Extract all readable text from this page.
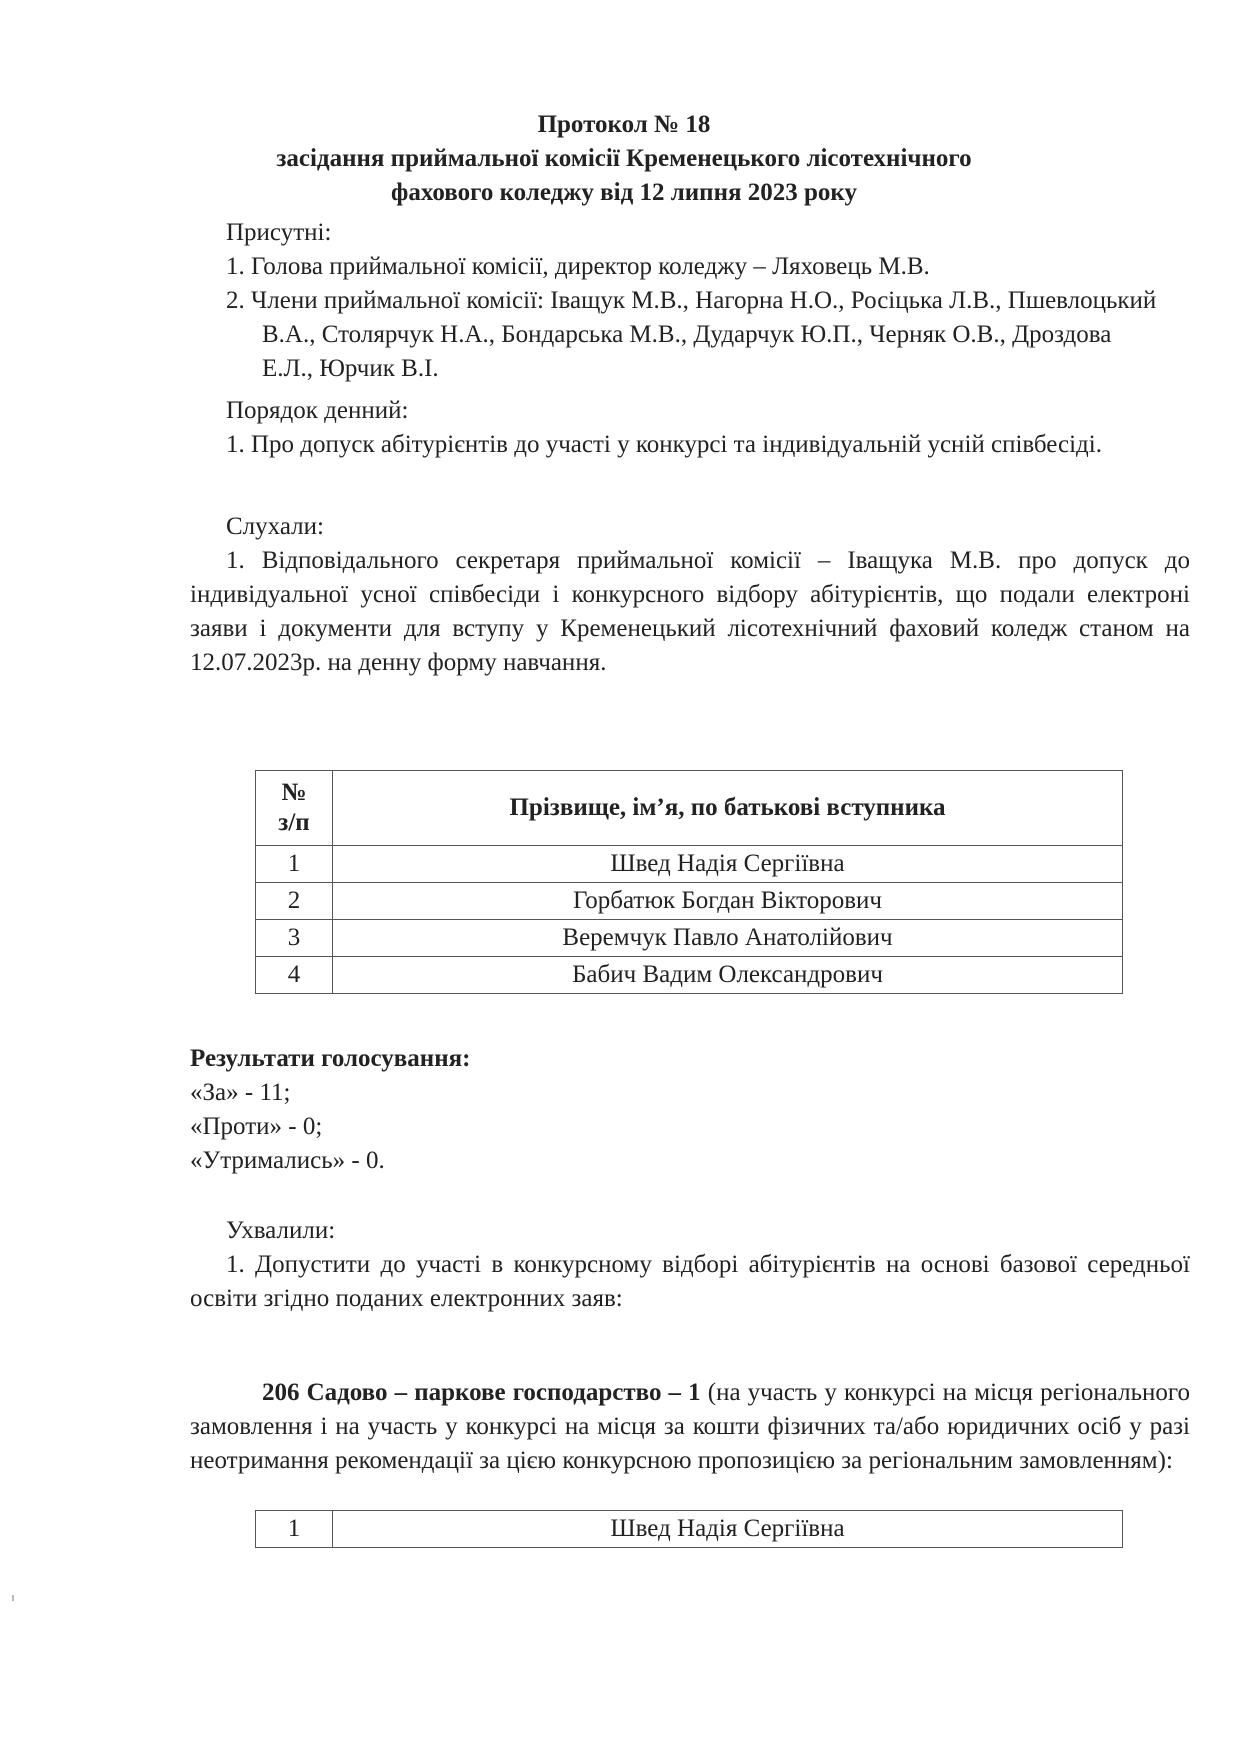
Протокол № 18
засідання приймальної комісії Кременецького лісотехнічного
фахового коледжу від 12 липня 2023 року
Присутні:
1. Голова приймальної комісії, директор коледжу – Ляховець М.В.
2. Члени приймальної комісії: Іващук М.В., Нагорна Н.О., Росіцька Л.В., Пшевлоцький В.А., Столярчук Н.А., Бондарська М.В., Дударчук Ю.П., Черняк О.В., Дроздова Е.Л., Юрчик В.І.
Порядок денний:
1. Про допуск абітурієнтів до участі у конкурсі та індивідуальній усній співбесіді.
Слухали:
1. Відповідального секретаря приймальної комісії – Іващука М.В. про допуск до індивідуальної усної співбесіди і конкурсного відбору абітурієнтів, що подали електроні заяви і документи для вступу у Кременецький лісотехнічний фаховий коледж станом на 12.07.2023р. на денну форму навчання.
№
з/п	Прізвище, ім’я, по батькові вступника
1	Швед Надія Сергіївна
2	Горбатюк Богдан Вікторович
3	Веремчук Павло Анатолійович
4	Бабич Вадим Олександрович
Результати голосування:
«За» - 11;
«Проти» - 0;
«Утримались» - 0.
Ухвалили:
1. Допустити до участі в конкурсному відборі абітурієнтів на основі базової середньої освіти згідно поданих електронних заяв:
206 Садово – паркове господарство – 1 (на участь у конкурсі на місця регіонального замовлення і на участь у конкурсі на місця за кошти фізичних та/або юридичних осіб у разі неотримання рекомендації за цією конкурсною пропозицією за регіональним замовленням):
1	Швед Надія Сергіївна
